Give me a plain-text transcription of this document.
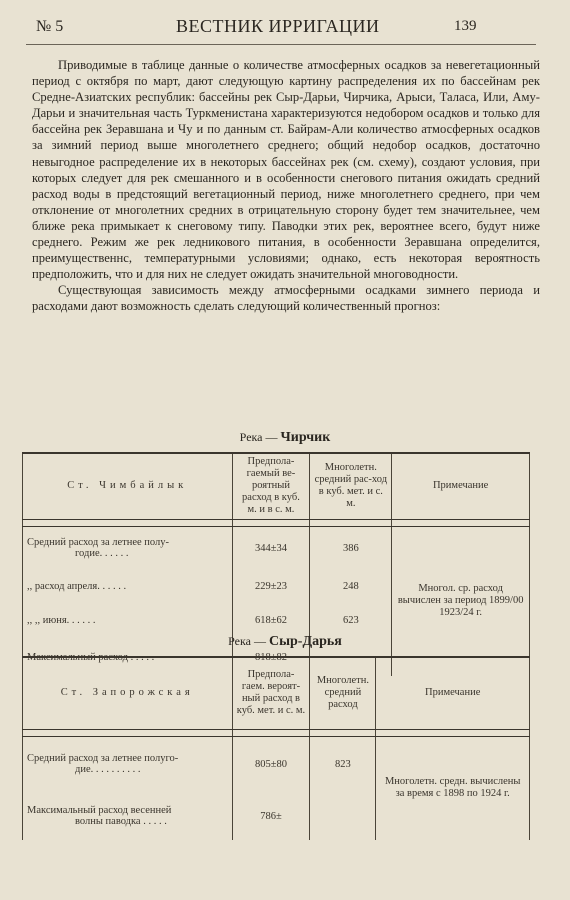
№ 5	ВЕСТНИК ИРРИГАЦИИ	139

Приводимые в таблице данные о количестве атмосферных осадков за невегетационный период с октября по март, дают следующую картину распределения их по бассейнам рек Средне-Азиатских республик: бассейны рек Сыр-Дарьи, Чирчика, Арыси, Таласа, Или, Аму-Дарьи и значительная часть Туркменистана характеризуются недобором осадков и только для бассейна рек Зеравшана и Чу и по данным ст. Байрам-Али количество атмосферных осадков за зимний период выше многолетнего среднего; общий недобор осадков, достаточно невыгодное распределение их в некоторых бассейнах рек (см. схему), создают условия, при которых следует для рек смешанного и в особенности снегового питания ожидать средний расход воды в предстоящий вегетационный период, ниже многолетнего среднего, при чем отклонение от многолетних средних в отрицательную сторону будет тем значительнее, чем ближе река примыкает к снеговому типу. Паводки этих рек, вероятнее всего, будут ниже среднего. Режим же рек ледникового питания, в особенности Зеравшана определится, преимущественнс, температурными условиями; однако, есть некоторая вероятность предположить, что и для них не следует ожидать значительной многоводности.

Существующая зависимость между атмосферными осадками зимнего периода и расходами дают возможность сделать следующий количественный прогноз:

Река — Чирчик
Ст. Чимбайлык	Предпола-гаемый ве-роятный расход в куб. м. и в с. м.	Многолетн. средний рас-ход в куб. мет. и с. м.	Примечание

Средний расход за летнее полу-
годие. . . . . .	344±34	386	Многол. ср. расход вычислен за период 1899/00 1923/24 г.
,, расход апреля. . . . . .	229±23	248	
,, ,, июня. . . . . .	618±62	623	
Максимальный расход . . . . .	818±82	—	
Река — Сыр-Дарья
Ст. Запорожская	Предпола-гаем. вероят-ный расход в куб. мет. и с. м.	Многолетн. средний расход	Примечание

Средний расход за летнее полуго-
дие. . . . . . . . . .	805±80	823	Многолетн. средн. вычислены за время с 1898 по 1924 г.
Максимальный расход весенней
волны паводка . . . . .	786±		
